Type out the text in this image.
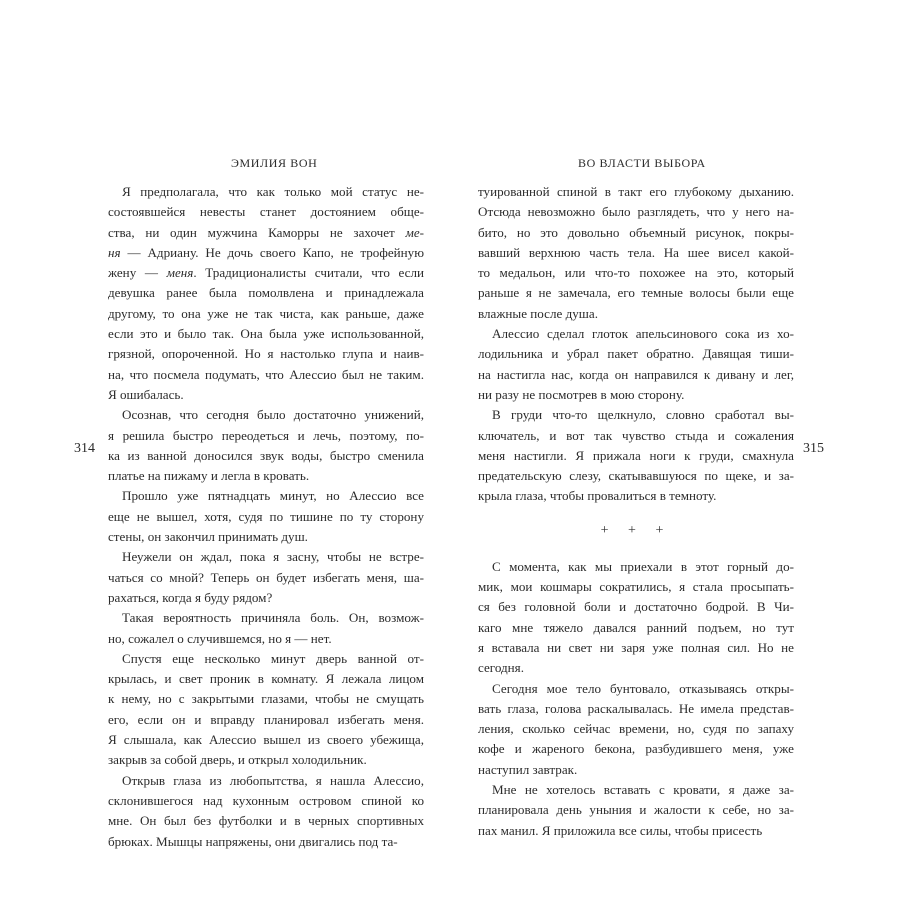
ЭМИЛИЯ ВОН	ВО ВЛАСТИ ВЫБОРА
314	315
Я предполагала, что как только мой статус не-
состоявшейся невесты станет достоянием обще-
ства, ни один мужчина Каморры не захочет ме-
ня — Адриану. Не дочь своего Капо, не трофейную
жену — меня. Традиционалисты считали, что если
девушка ранее была помолвлена и принадлежала
другому, то она уже не так чиста, как раньше, даже
если это и было так. Она была уже использованной,
грязной, опороченной. Но я настолько глупа и наив-
на, что посмела подумать, что Алессио был не таким.
Я ошибалась.
Осознав, что сегодня было достаточно унижений,
я решила быстро переодеться и лечь, поэтому, по-
ка из ванной доносился звук воды, быстро сменила
платье на пижаму и легла в кровать.
Прошло уже пятнадцать минут, но Алессио все
еще не вышел, хотя, судя по тишине по ту сторону
стены, он закончил принимать душ.
Неужели он ждал, пока я засну, чтобы не встре-
чаться со мной? Теперь он будет избегать меня, ша-
рахаться, когда я буду рядом?
Такая вероятность причиняла боль. Он, возмож-
но, сожалел о случившемся, но я — нет.
Спустя еще несколько минут дверь ванной от-
крылась, и свет проник в комнату. Я лежала лицом
к нему, но с закрытыми глазами, чтобы не смущать
его, если он и вправду планировал избегать меня.
Я слышала, как Алессио вышел из своего убежища,
закрыв за собой дверь, и открыл холодильник.
Открыв глаза из любопытства, я нашла Алессио,
склонившегося над кухонным островом спиной ко
мне. Он был без футболки и в черных спортивных
брюках. Мышцы напряжены, они двигались под та-
туированной спиной в такт его глубокому дыханию.
Отсюда невозможно было разглядеть, что у него на-
бито, но это довольно объемный рисунок, покры-
вавший верхнюю часть тела. На шее висел какой-
то медальон, или что-то похожее на это, который
раньше я не замечала, его темные волосы были еще
влажные после душа.
Алессио сделал глоток апельсинового сока из хо-
лодильника и убрал пакет обратно. Давящая тиши-
на настигла нас, когда он направился к дивану и лег,
ни разу не посмотрев в мою сторону.
В груди что-то щелкнуло, словно сработал вы-
ключатель, и вот так чувство стыда и сожаления
меня настигли. Я прижала ноги к груди, смахнула
предательскую слезу, скатывавшуюся по щеке, и за-
крыла глаза, чтобы провалиться в темноту.
+ + +
С момента, как мы приехали в этот горный до-
мик, мои кошмары сократились, я стала просыпать-
ся без головной боли и достаточно бодрой. В Чи-
каго мне тяжело давался ранний подъем, но тут
я вставала ни свет ни заря уже полная сил. Но не
сегодня.
Сегодня мое тело бунтовало, отказываясь откры-
вать глаза, голова раскалывалась. Не имела представ-
ления, сколько сейчас времени, но, судя по запаху
кофе и жареного бекона, разбудившего меня, уже
наступил завтрак.
Мне не хотелось вставать с кровати, я даже за-
планировала день уныния и жалости к себе, но за-
пах манил. Я приложила все силы, чтобы присесть
